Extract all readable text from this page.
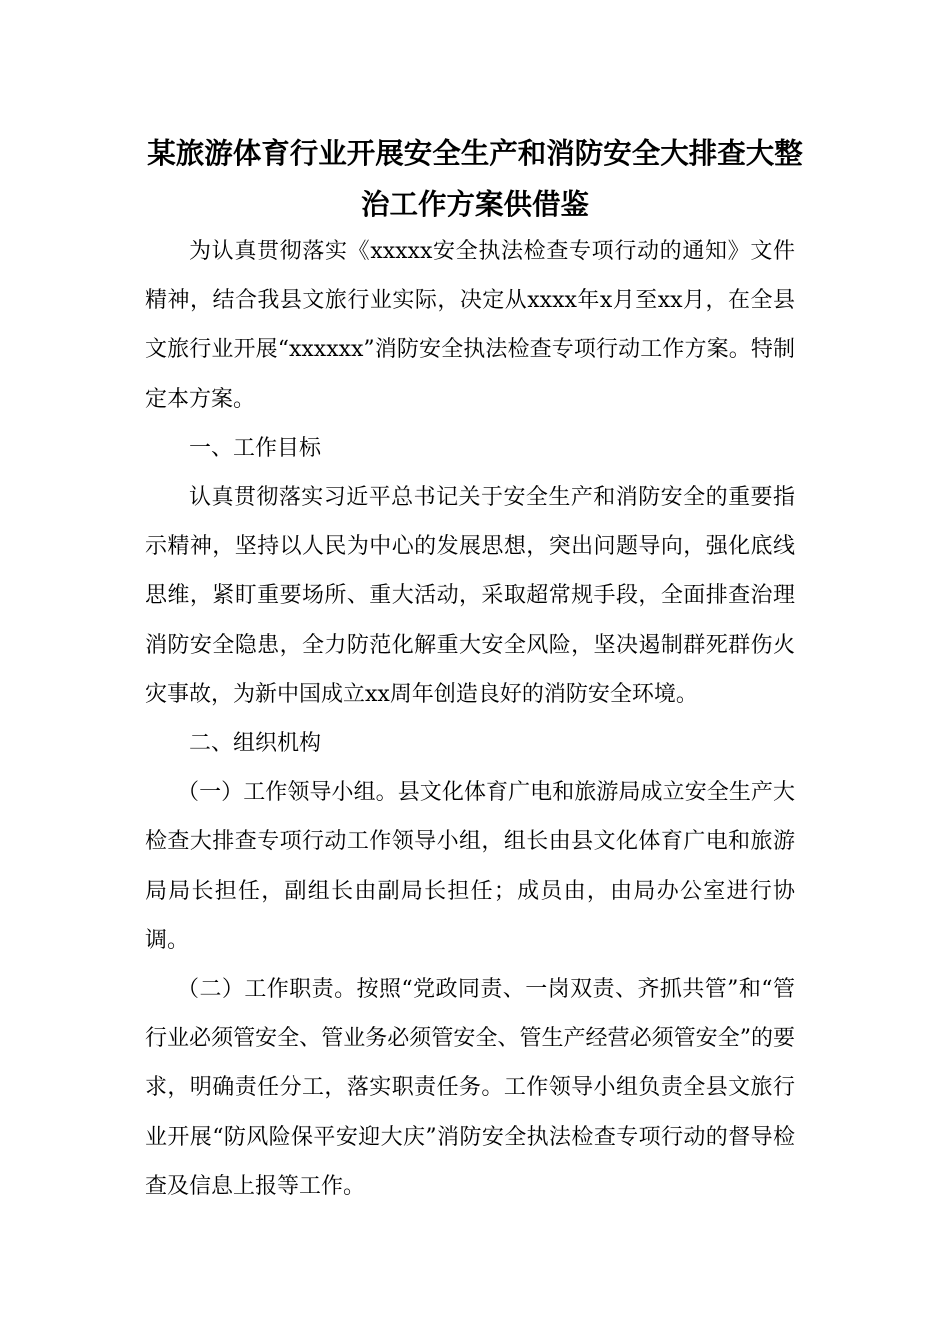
某旅游体育行业开展安全生产和消防安全大排查大整
治工作方案供借鉴

为认真贯彻落实《xxxxx安全执法检查专项行动的通知》文件精神，结合我县文旅行业实际，决定从xxxx年x月至xx月，在全县文旅行业开展“xxxxxx”消防安全执法检查专项行动工作方案。特制定本方案。

一、工作目标

认真贯彻落实习近平总书记关于安全生产和消防安全的重要指示精神，坚持以人民为中心的发展思想，突出问题导向，强化底线思维，紧盯重要场所、重大活动，采取超常规手段，全面排查治理消防安全隐患，全力防范化解重大安全风险，坚决遏制群死群伤火灾事故，为新中国成立xx周年创造良好的消防安全环境。

二、组织机构

（一）工作领导小组。县文化体育广电和旅游局成立安全生产大检查大排查专项行动工作领导小组，组长由县文化体育广电和旅游局局长担任，副组长由副局长担任；成员由，由局办公室进行协调。

（二）工作职责。按照“党政同责、一岗双责、齐抓共管”和“管行业必须管安全、管业务必须管安全、管生产经营必须管安全”的要求，明确责任分工，落实职责任务。工作领导小组负责全县文旅行业开展“防风险保平安迎大庆”消防安全执法检查专项行动的督导检查及信息上报等工作。
